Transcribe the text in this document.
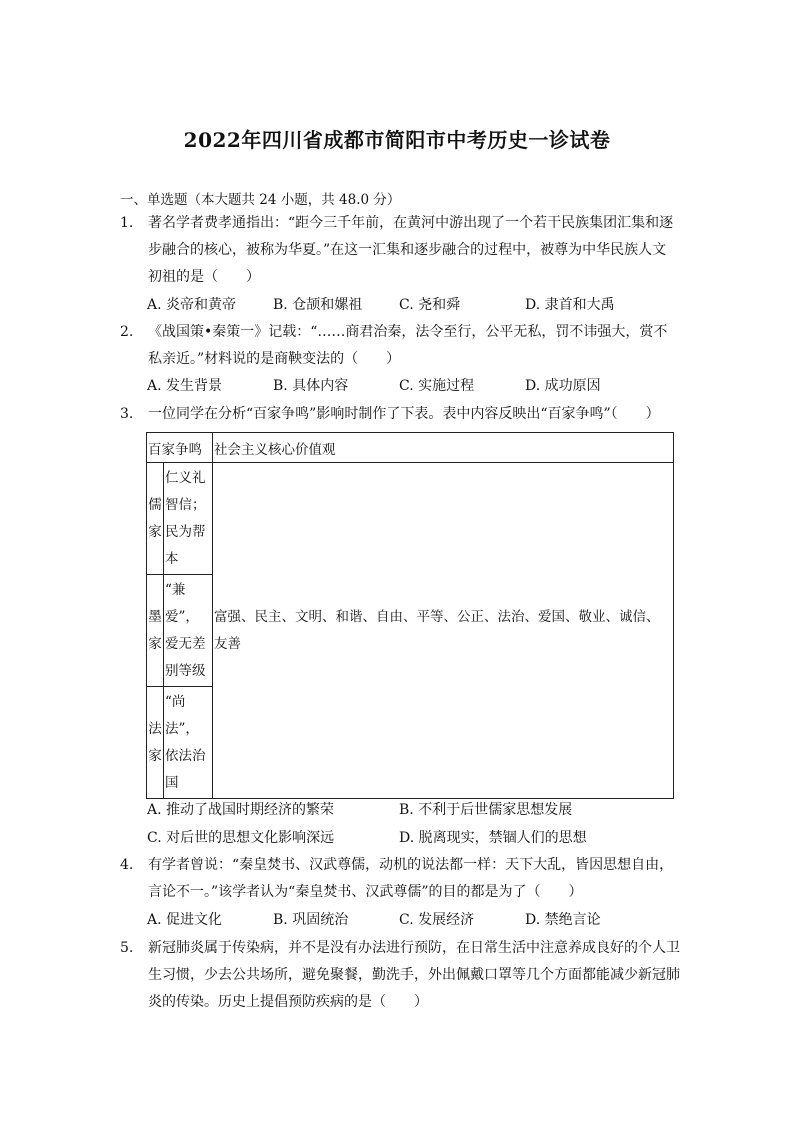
2022年四川省成都市简阳市中考历史一诊试卷
一、单选题（本大题共 24 小题，共 48.0 分）
1. 著名学者费孝通指出：“距今三千年前，在黄河中游出现了一个若干民族集团汇集和逐步融合的核心，被称为华夏。”在这一汇集和逐步融合的过程中，被尊为中华民族人文初祖的是（　　）
A. 炎帝和黄帝	B. 仓颉和嫘祖	C. 尧和舜	D. 隶首和大禹
2. 《战国策•秦策一》记载：“……商君治秦，法令至行，公平无私，罚不讳强大，赏不私亲近。”材料说的是商鞅变法的（　　）
A. 发生背景	B. 具体内容	C. 实施过程	D. 成功原因
3. 一位同学在分析“百家争鸣”影响时制作了下表。表中内容反映出“百家争鸣”（　　）
百家争鸣		社会主义核心价值观
儒家	仁义礼智信；民为帮本	富强、民主、文明、和谐、自由、平等、公正、法治、爱国、敬业、诚信、友善
墨家	“兼爱”，爱无差别等级	
法家	“尚法”，依法治国	
A. 推动了战国时期经济的繁荣	B. 不利于后世儒家思想发展
C. 对后世的思想文化影响深远	D. 脱离现实，禁锢人们的思想
4. 有学者曾说：“秦皇焚书、汉武尊儒，动机的说法都一样：天下大乱，皆因思想自由，言论不一。”该学者认为“秦皇焚书、汉武尊儒”的目的都是为了（　　）
A. 促进文化	B. 巩固统治	C. 发展经济	D. 禁绝言论
5. 新冠肺炎属于传染病，并不是没有办法进行预防，在日常生活中注意养成良好的个人卫生习惯，少去公共场所，避免聚餐，勤洗手，外出佩戴口罩等几个方面都能减少新冠肺炎的传染。历史上提倡预防疾病的是（　　）
